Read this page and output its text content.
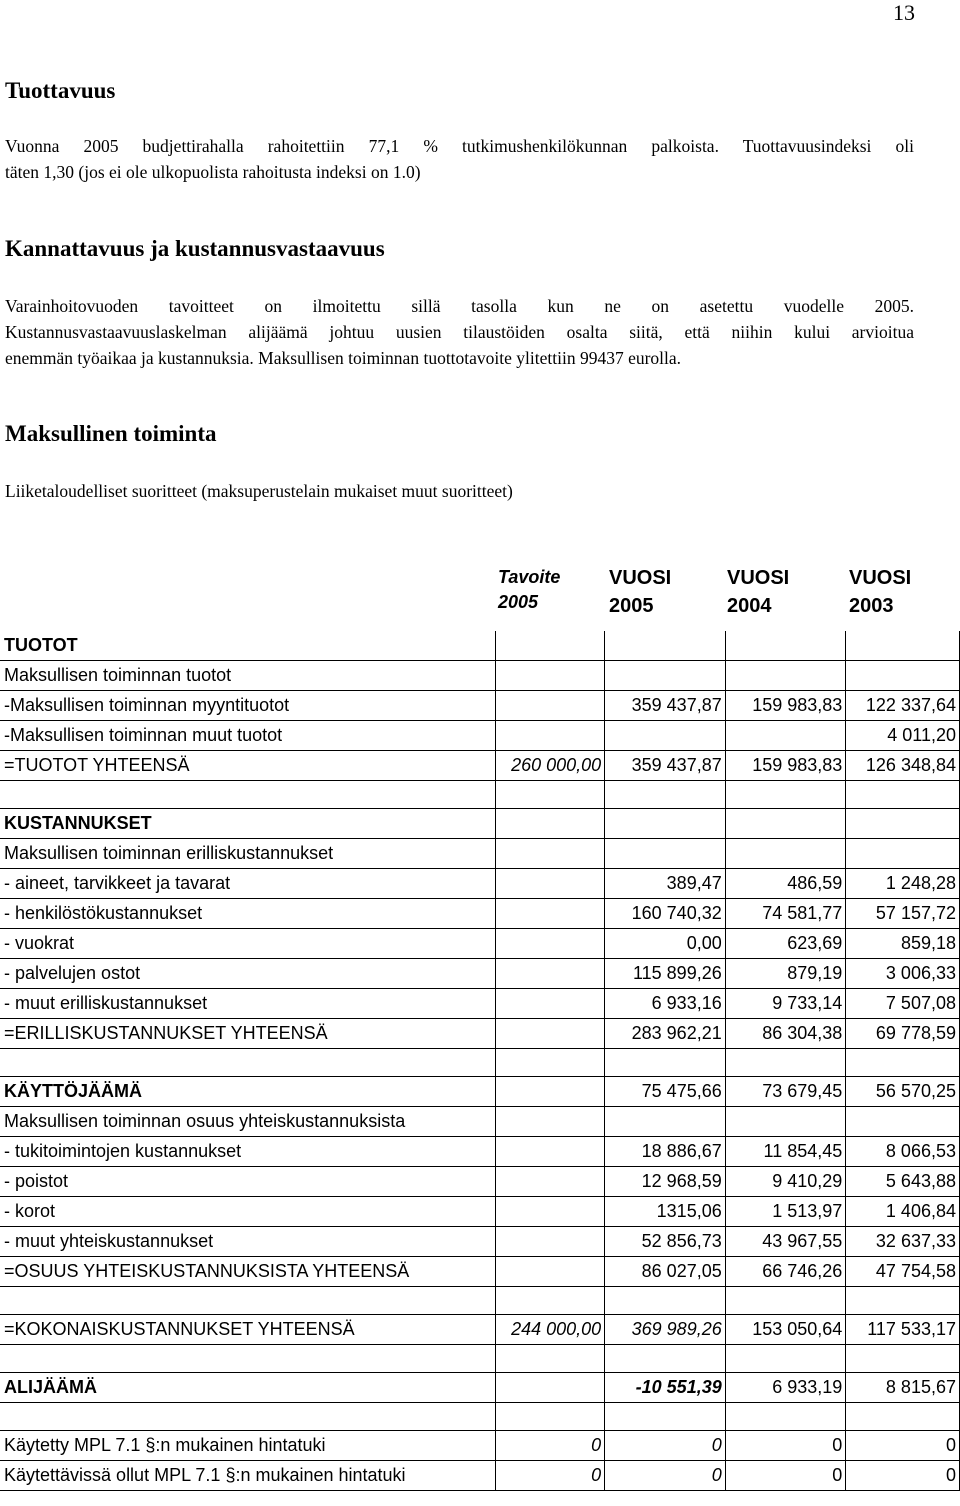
13
Tuottavuus

Vuonna 2005 budjettirahalla rahoitettiin 77,1 % tutkimushenkilökunnan palkoista. Tuottavuusindeksi oli

täten 1,30 (jos ei ole ulkopuolista rahoitusta indeksi on 1.0)

Kannattavuus ja kustannusvastaavuus

Varainhoitovuoden tavoitteet on ilmoitettu sillä tasolla kun ne on asetettu vuodelle 2005.

Kustannusvastaavuuslaskelman alijäämä johtuu uusien tilaustöiden osalta siitä, että niihin kului arvioitua

enemmän työaikaa ja kustannuksia. Maksullisen toiminnan tuottotavoite ylitettiin 99437 eurolla.

Maksullinen toiminta

Liiketaloudelliset suoritteet (maksuperustelain mukaiset muut suoritteet)

Tavoite
2005
VUOSI
2005
VUOSI
2004
VUOSI
2003
TUOTOT				
Maksullisen toiminnan tuotot				
-Maksullisen toiminnan myyntituotot		359 437,87	159 983,83	122 337,64
-Maksullisen toiminnan muut tuotot				4 011,20
=TUOTOT YHTEENSÄ	260 000,00	359 437,87	159 983,83	126 348,84

KUSTANNUKSET				
Maksullisen toiminnan erilliskustannukset				
- aineet, tarvikkeet ja tavarat		389,47	486,59	1 248,28
- henkilöstökustannukset		160 740,32	74 581,77	57 157,72
- vuokrat		0,00	623,69	859,18
- palvelujen ostot		115 899,26	879,19	3 006,33
- muut erilliskustannukset		6 933,16	9 733,14	7 507,08
=ERILLISKUSTANNUKSET YHTEENSÄ		283 962,21	86 304,38	69 778,59

KÄYTTÖJÄÄMÄ		75 475,66	73 679,45	56 570,25
Maksullisen toiminnan osuus yhteiskustannuksista				
- tukitoimintojen kustannukset		18 886,67	11 854,45	8 066,53
- poistot		12 968,59	9 410,29	5 643,88
- korot		1315,06	1 513,97	1 406,84
- muut yhteiskustannukset		52 856,73	43 967,55	32 637,33
=OSUUS YHTEISKUSTANNUKSISTA YHTEENSÄ		86 027,05	66 746,26	47 754,58

=KOKONAISKUSTANNUKSET YHTEENSÄ	244 000,00	369 989,26	153 050,64	117 533,17

ALIJÄÄMÄ		-10 551,39	6 933,19	8 815,67

Käytetty MPL 7.1 §:n mukainen hintatuki	0	0	0	0
Käytettävissä ollut MPL 7.1 §:n mukainen hintatuki	0	0	0	0
